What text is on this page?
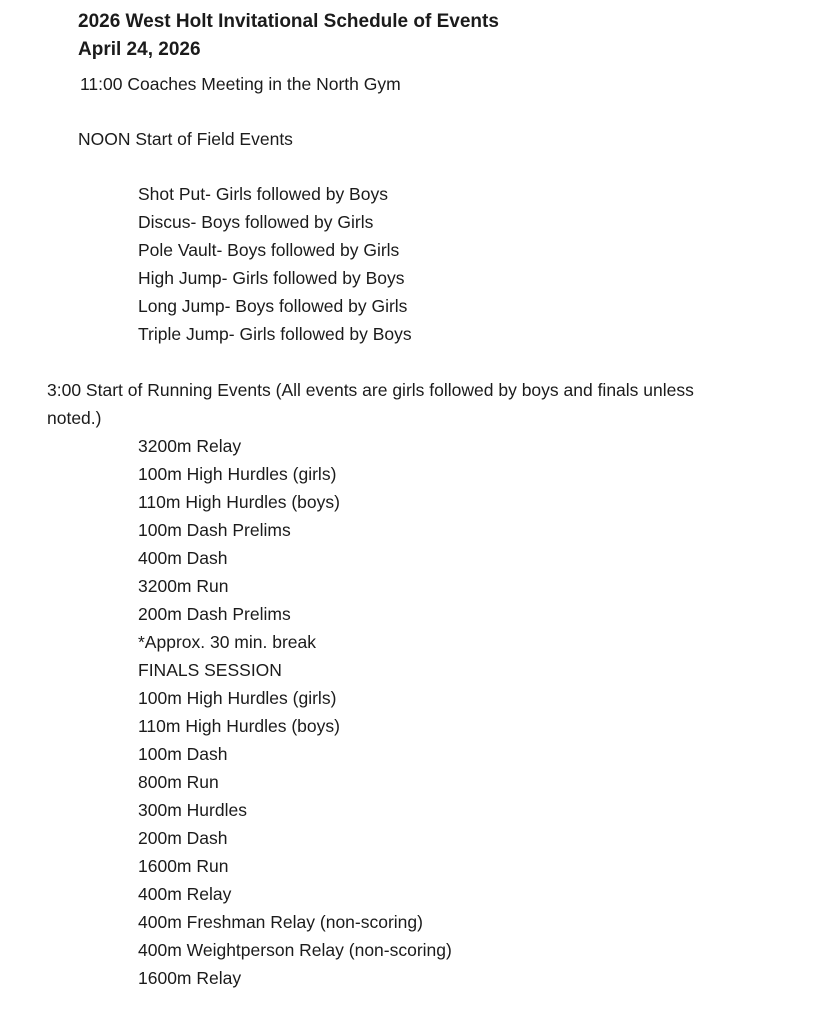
2026 West Holt Invitational Schedule of Events
April 24, 2026
11:00 Coaches Meeting in the North Gym
NOON Start of Field Events
Shot Put- Girls followed by Boys
Discus- Boys followed by Girls
Pole Vault- Boys followed by Girls
High Jump- Girls followed by Boys
Long Jump- Boys followed by Girls
Triple Jump- Girls followed by Boys
3:00 Start of Running Events (All events are girls followed by boys and finals unless
noted.)
3200m Relay
100m High Hurdles (girls)
110m High Hurdles (boys)
100m Dash Prelims
400m Dash
3200m Run
200m Dash Prelims
*Approx. 30 min. break
FINALS SESSION
100m High Hurdles (girls)
110m High Hurdles (boys)
100m Dash
800m Run
300m Hurdles
200m Dash
1600m Run
400m Relay
400m Freshman Relay (non-scoring)
400m Weightperson Relay (non-scoring)
1600m Relay
